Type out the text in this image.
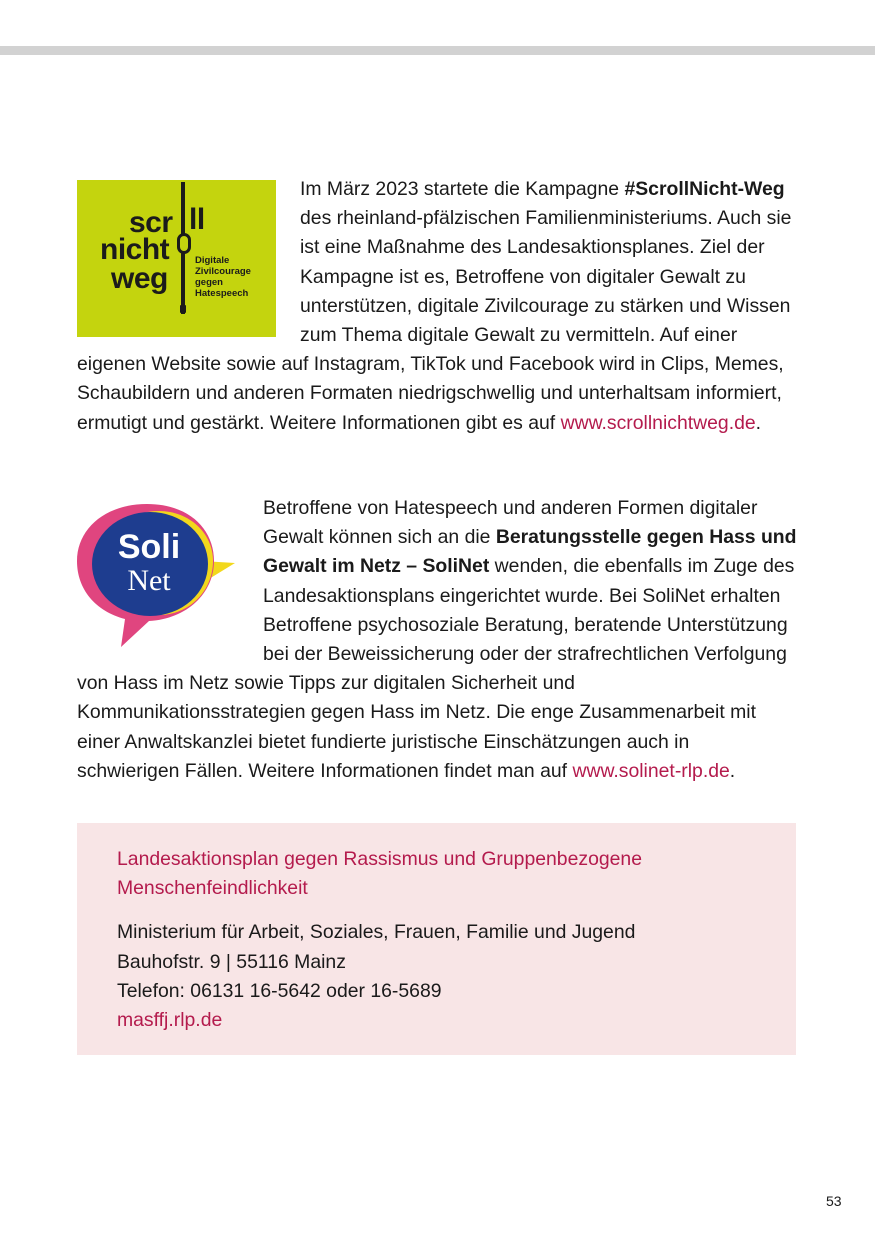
scr ll
nicht
weg
Digitale
Zivilcourage
gegen
Hatespeech

Im März 2023 startete die Kampagne #ScrollNicht-Weg des rheinland-pfälzischen Familienministeriums. Auch sie ist eine Maßnahme des Landesaktionsplanes. Ziel der Kampagne ist es, Betroffene von digitaler Gewalt zu unterstützen, digitale Zivilcourage zu stärken und Wissen zum Thema digitale Gewalt zu vermitteln. Auf einer eigenen Website sowie auf Instagram, TikTok und Facebook wird in Clips, Memes, Schaubildern und anderen Formaten niedrigschwellig und unterhaltsam informiert, ermutigt und gestärkt. Weitere Informationen gibt es auf www.scrollnichtweg.de.

Soli
Net

Betroffene von Hatespeech und anderen Formen digitaler Gewalt können sich an die Beratungsstelle gegen Hass und Gewalt im Netz – SoliNet wenden, die ebenfalls im Zuge des Landesaktionsplans eingerichtet wurde. Bei SoliNet erhalten Betroffene psychosoziale Beratung, beratende Unterstützung bei der Beweissicherung oder der strafrechtlichen Verfolgung von Hass im Netz sowie Tipps zur digitalen Sicherheit und Kommunikationsstrategien gegen Hass im Netz. Die enge Zusammenarbeit mit einer Anwaltskanzlei bietet fundierte juristische Einschätzungen auch in schwierigen Fällen. Weitere Informationen findet man auf www.solinet-rlp.de.

Landesaktionsplan gegen Rassismus und Gruppenbezogene Menschenfeindlichkeit

Ministerium für Arbeit, Soziales, Frauen, Familie und Jugend
Bauhofstr. 9 | 55116 Mainz
Telefon: 06131 16-5642 oder 16-5689
masffj.rlp.de
53
